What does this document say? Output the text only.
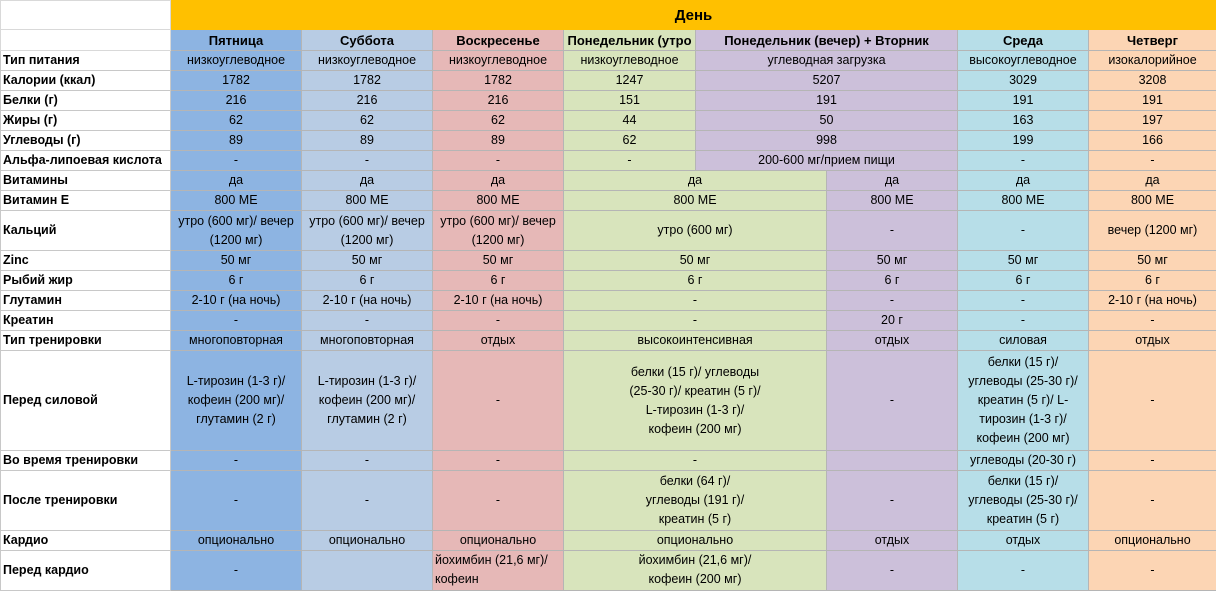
	День							
	Пятница	Суббота	Воскресенье	Понедельник (утро	Понедельник (вечер) + Вторник		Среда	Четверг
Тип питания	низкоуглеводное	низкоуглеводное	низкоуглеводное	низкоуглеводное	углеводная загрузка		высокоуглеводное	изокалорийное
Калории (ккал)	1782	1782	1782	1247	5207		3029	3208
Белки (г)	216	216	216	151	191		191	191
Жиры (г)	62	62	62	44	50		163	197
Углеводы (г)	89	89	89	62	998		199	166
Альфа-липоевая кислота	-	-	-	-	200-600 мг/прием пищи		-	-
Витамины	да	да	да	да		да	да	да
Витамин Е	800 МЕ	800 МЕ	800 МЕ	800 МЕ		800 МЕ	800 МЕ	800 МЕ
Кальций	утро (600 мг)/ вечер (1200 мг)	утро (600 мг)/ вечер (1200 мг)	утро (600 мг)/ вечер (1200 мг)	утро (600 мг)		-	-	вечер (1200 мг)
Zinc	50 мг	50 мг	50 мг	50 мг		50 мг	50 мг	50 мг
Рыбий жир	6 г	6 г	6 г	6 г		6 г	6 г	6 г
Глутамин	2-10 г (на ночь)	2-10 г (на ночь)	2-10 г (на ночь)	-		-	-	2-10 г (на ночь)
Креатин	-	-	-	-		20 г	-	-
Тип тренировки	многоповторная	многоповторная	отдых	высокоинтенсивная		отдых	силовая	отдых
Перед силовой	L-тирозин (1-3 г)/ кофеин (200 мг)/ глутамин (2 г)	L-тирозин (1-3 г)/ кофеин (200 мг)/ глутамин (2 г)	-	белки (15 г)/ углеводы (25-30 г)/ креатин (5 г)/ L-тирозин (1-3 г)/ кофеин (200 мг)		-	белки (15 г)/ углеводы (25-30 г)/ креатин (5 г)/ L-тирозин (1-3 г)/ кофеин (200 мг)	-
Во время тренировки	-	-	-	-			углеводы (20-30 г)	-
После тренировки	-	-	-	белки (64 г)/ углеводы (191 г)/ креатин (5 г)		-	белки (15 г)/ углеводы (25-30 г)/ креатин (5 г)	-
Кардио	опционально	опционально	опционально	опционально		отдых	отдых	опционально
Перед кардио	-		йохимбин (21,6 мг)/ кофеин	йохимбин (21,6 мг)/ кофеин (200 мг)		-	-	-
